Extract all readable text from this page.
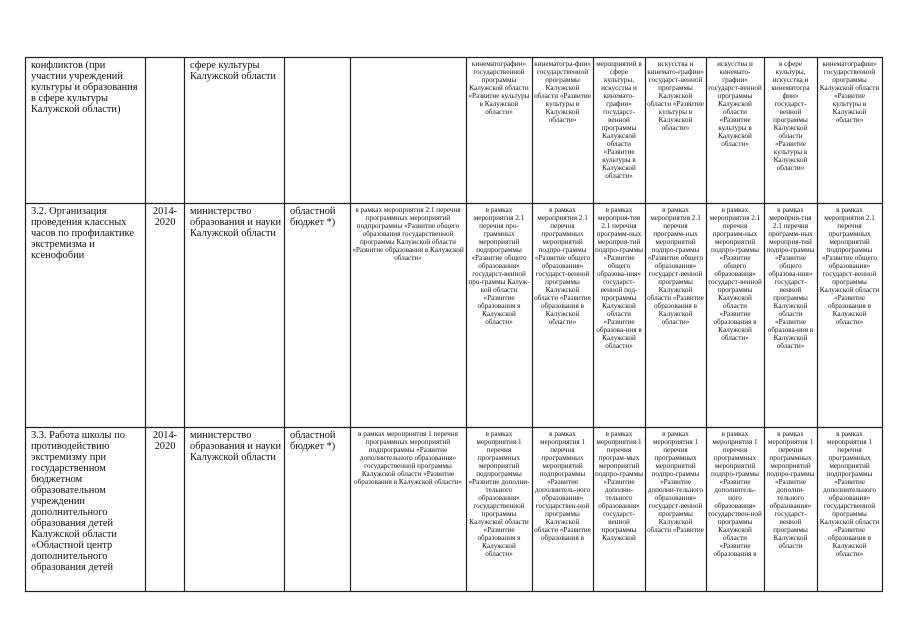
конфликтов (при участии учреждений культуры и образования в сфере культуры Калужской области)
сфере культуры Калужской области
кинематографии» государственной программы Калужской области «Развитие культуры в Калужской области»
кинематогра-фии» государственной программы Калужской области «Развитие культуры в Калужской области»
мероприятий в сфере культуры, искусства и кинемато-графии» государст-венной программы Калужской области «Развитие культуры в Калужской области»
искусства и кинемато-графии» государст-венной программы Калужской области «Развитие культуры в Калужской области»
искусства и кинемато-графии» государст-венной программы Калужской области «Развитие культуры в Калужской области»
в сфере культуры, искусства и кинематогра фии» государст-венной программы Калужской области «Развитие культуры в Калужской области»
кинематографии» государственной программы Калужской области «Развитие культуры в Калужской области»
3.2. Организация проведения классных часов по профилактике экстремизма и ксенофобии
2014-
2020
министерство образования и науки Калужской области
областной бюджет *)
в рамках мероприятия 2.1 перечня программных мероприятий подпрограммы «Развитие общего образования государственной программы Калужской области «Развитие образования в Калужской области»
в рамках мероприятия 2.1 перечня про-граммных мероприятий подпрограммы «Развитие общего образования» государст-венной про-граммы Калуж-кой области «Развитие образования в Калужской области»
в рамках мероприятия 2.1 перечня программных мероприятий подпро-граммы «Развитие общего образования» государст-венной программы Калужской области «Развитие образования в Калужской области»
в рамках мероприя-тия 2.1 перечня программ-ных мероприя-тий подпро-граммы «Развитие общего образова-ния» государст-венной под-программы Калужской области «Развитие образова-ния в Калужской области»
в рамках мероприятия 2.1 перечня программ-ных мероприятий подпро-граммы «Развитие общего образования» государст-венной программы Калужской области «Развитие образования в Калужской области»
в рамках мероприятия 2.1 перечня программ-ных мероприятий подпро-граммы «Развитие общего образования» государст-венной программы Калужской области «Развитие образования в Калужской области»
в рамках мероприя-тия 2.1 перечня программ-ных мероприя-тий подпро-граммы «Развитие общего образова-ния» государст-венной программы Калужской области «Развитие образова-ния в Калужской области»
в рамках мероприятия 2.1 перечня программных мероприятий подпрограммы «Развитие общего образования» государст-венной программы Калужской области «Развитие образования в Калужской области»
3.3. Работа школы по противодействию экстремизму при государственном бюджетном образовательном учреждении дополнительного образования детей Калужской области «Областной центр дополнительного образования детей
2014-
2020
министерство образования и науки Калужской области
областной бюджет *)
в рамках мероприятия 1 перечня программных мероприятий подпрограммы «Развитие дополнительного образования» государственной программы Калужской области «Развитие образования в Калужской области»
в рамках мероприятия 1 перечня программных мероприятий подпрограммы «Развитие дополни-тельного образования» государственной программы Калужской области «Развитие образования в Калужской области»
в рамках мероприятия 1 перечня программных мероприятий подпрограммы «Развитие дополнитель-ного образования» государствен-ной программы Калужской области «Развитие образования в
в рамках мероприятия 1 перечня програм-мых мероприятий подпро-граммы «Развитие дополни-тельного образования» государст-венной программы Калужской
в рамках мероприятия 1 перечня программных мероприятий подпро-граммы «Развитие дополни-тельного образования» государст-венной программы Калужской области «Развитие
в рамках мероприятия 1 перечня программных мероприятий подпро-граммы «Развитие дополнитель-ного образования» государствен-ной программы Калужской области «Развитие образования в
в рамках мероприятия 1 перечня программных мероприятий подпро-граммы «Развитие дополни-тельного образования» государст-венной программы Калужской области
в рамках мероприятия 1 перечня программных мероприятий подпрограммы «Развитие дополнительного образования» государственной программы Калужской области «Развитие образования в Калужской области»
